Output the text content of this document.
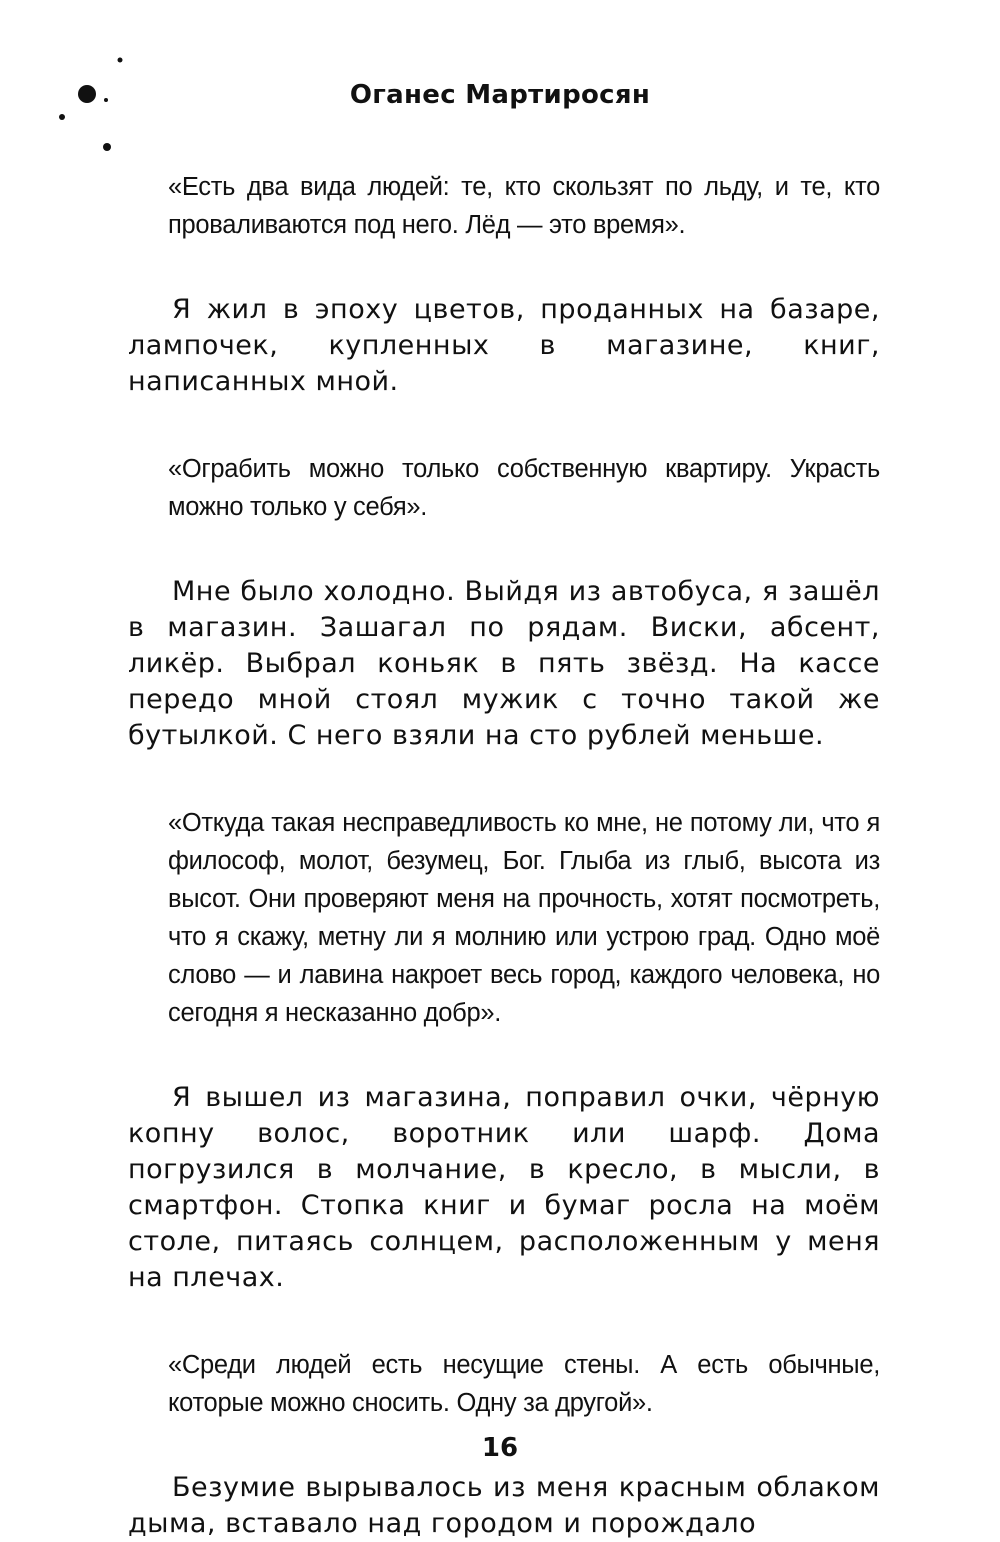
Оганес Мартиросян
«Есть два вида людей: те, кто скользят по льду, и те, кто проваливаются под него. Лёд — это время».
Я жил в эпоху цветов, проданных на базаре, лампочек, купленных в магазине, книг, написанных мной.
«Ограбить можно только собственную квартиру. Украсть можно только у себя».
Мне было холодно. Выйдя из автобуса, я зашёл в магазин. Зашагал по рядам. Виски, абсент, ликёр. Выбрал коньяк в пять звёзд. На кассе передо мной стоял мужик с точно такой же бутылкой. С него взяли на сто рублей меньше.
«Откуда такая несправедливость ко мне, не потому ли, что я философ, молот, безумец, Бог. Глыба из глыб, высота из высот. Они проверяют меня на прочность, хотят посмотреть, что я скажу, метну ли я молнию или устрою град. Одно моё слово — и лавина накроет весь город, каждого человека, но сегодня я несказанно добр».
Я вышел из магазина, поправил очки, чёрную копну волос, воротник или шарф. Дома погрузился в молчание, в кресло, в мысли, в смартфон. Стопка книг и бумаг росла на моём столе, питаясь солнцем, расположенным у меня на плечах.
«Среди людей есть несущие стены. А есть обычные, которые можно сносить. Одну за другой».
Безумие вырывалось из меня красным облаком дыма, вставало над городом и порождало
16
